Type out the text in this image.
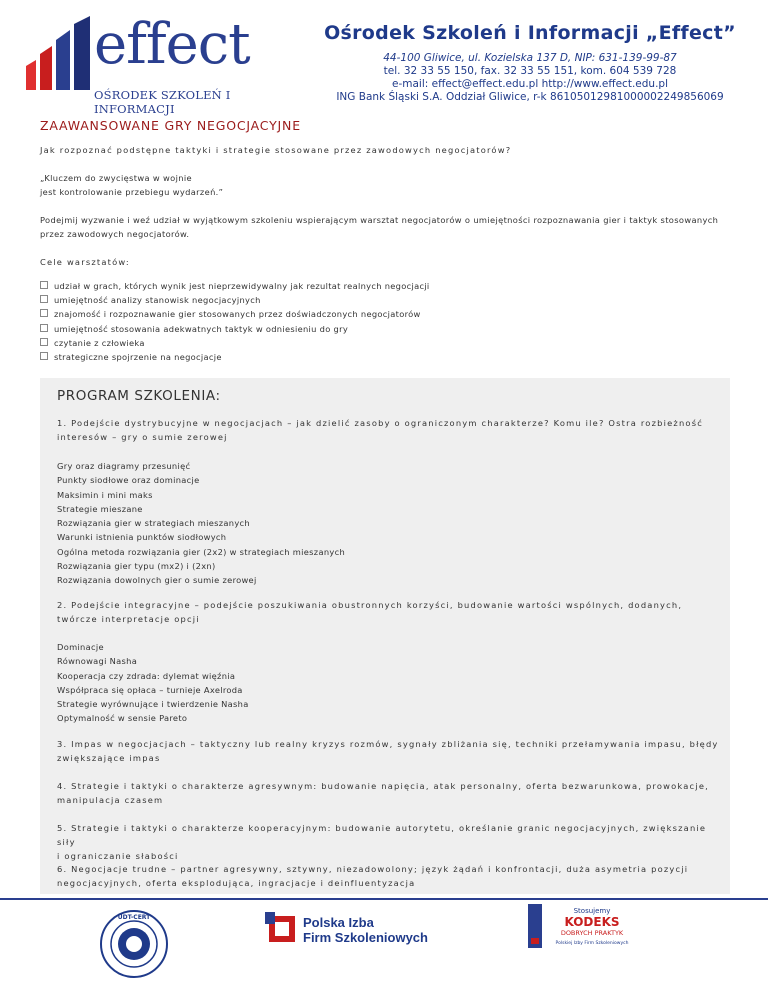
effect
OŚRODEK SZKOLEŃ I INFORMACJI
Ośrodek Szkoleń i Informacji „Effect”
44-100 Gliwice, ul. Kozielska 137 D, NIP: 631-139-99-87
tel. 32 33 55 150, fax. 32 33 55 151, kom. 604 539 728
e-mail: effect@effect.edu.pl http://www.effect.edu.pl
ING Bank Śląski S.A. Oddział Gliwice, r-k 86105012981000002249856069
ZAAWANSOWANE GRY NEGOCJACYJNE
Jak rozpoznać podstępne taktyki i strategie stosowane przez zawodowych negocjatorów?
„Kluczem do zwycięstwa w wojnie
jest kontrolowanie przebiegu wydarzeń.”
Podejmij wyzwanie i weź udział w wyjątkowym szkoleniu wspierającym warsztat negocjatorów o umiejętności rozpoznawania gier i taktyk stosowanych
przez zawodowych negocjatorów.
Cele warsztatów:
udział w grach, których wynik jest nieprzewidywalny jak rezultat realnych negocjacji
umiejętność analizy stanowisk negocjacyjnych
znajomość i rozpoznawanie gier stosowanych przez doświadczonych negocjatorów
umiejętność stosowania adekwatnych taktyk w odniesieniu do gry
czytanie z człowieka
strategiczne spojrzenie na negocjacje
PROGRAM SZKOLENIA:
1. Podejście dystrybucyjne w negocjacjach – jak dzielić zasoby o ograniczonym charakterze? Komu ile? Ostra rozbieżność
interesów – gry o sumie zerowej
Gry oraz diagramy przesunięć
Punkty siodłowe oraz dominacje
Maksimin i mini maks
Strategie mieszane
Rozwiązania gier w strategiach mieszanych
Warunki istnienia punktów siodłowych
Ogólna metoda rozwiązania gier (2x2) w strategiach mieszanych
Rozwiązania gier typu (mx2) i (2xn)
Rozwiązania dowolnych gier o sumie zerowej
2. Podejście integracyjne – podejście poszukiwania obustronnych korzyści, budowanie wartości wspólnych, dodanych,
twórcze interpretacje opcji
Dominacje
Równowagi Nasha
Kooperacja czy zdrada: dylemat więźnia
Współpraca się opłaca – turnieje Axelroda
Strategie wyrównujące i twierdzenie Nasha
Optymalność w sensie Pareto
3. Impas w negocjacjach – taktyczny lub realny kryzys rozmów, sygnały zbliżania się, techniki przełamywania impasu, błędy
zwiększające impas
4. Strategie i taktyki o charakterze agresywnym: budowanie napięcia, atak personalny, oferta bezwarunkowa, prowokacje,
manipulacja czasem
5. Strategie i taktyki o charakterze kooperacyjnym: budowanie autorytetu, określanie granic negocjacyjnych, zwiększanie siły
i ograniczanie słabości
6. Negocjacje trudne – partner agresywny, sztywny, niezadowolony; język żądań i konfrontacji, duża asymetria pozycji
negocjacyjnych, oferta eksplodująca, ingracjacje i deinfluentyzacja
UDT-CERT	Polska Izba
Firm Szkoleniowych
Stosujemy
KODEKS
DOBRYCH PRAKTYK
Polskiej Izby Firm Szkoleniowych
